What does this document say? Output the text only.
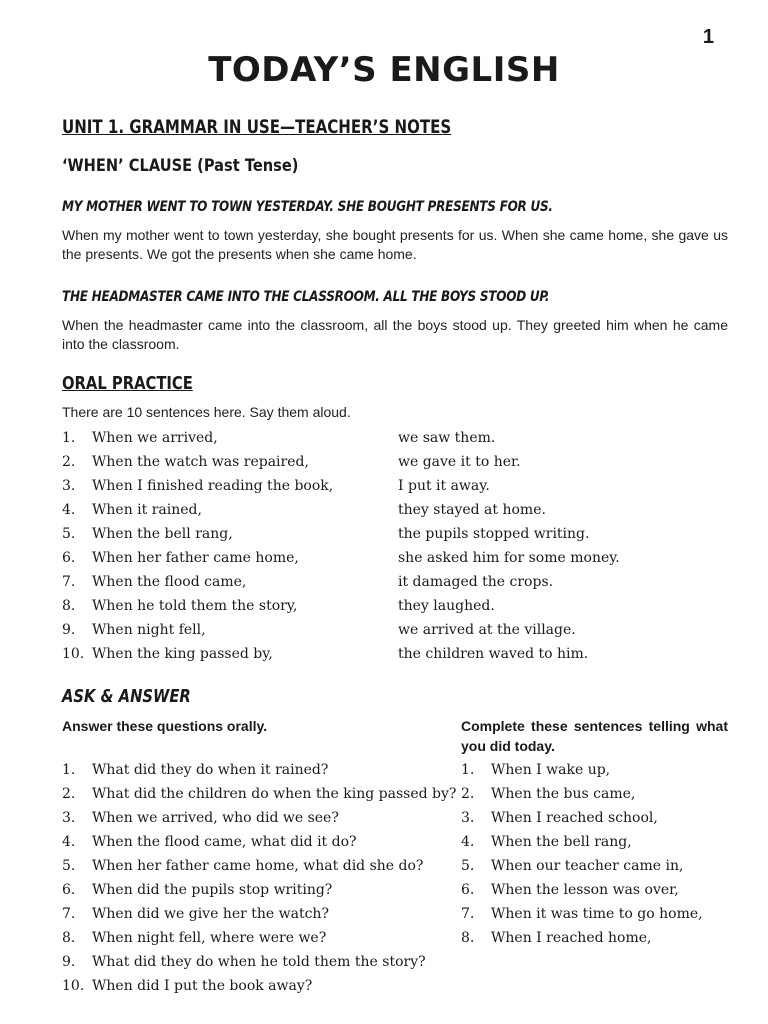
1
TODAY’S ENGLISH
UNIT 1. GRAMMAR IN USE—TEACHER’S NOTES
‘WHEN’ CLAUSE (Past Tense)
MY MOTHER WENT TO TOWN YESTERDAY. SHE BOUGHT PRESENTS FOR US.
When my mother went to town yesterday, she bought presents for us. When she came home, she gave us the presents. We got the presents when she came home.
THE HEADMASTER CAME INTO THE CLASSROOM. ALL THE BOYS STOOD UP.
When the headmaster came into the classroom, all the boys stood up. They greeted him when he came into the classroom.
ORAL PRACTICE
There are 10 sentences here. Say them aloud.
1. When we arrived,	we saw them.
2. When the watch was repaired,	we gave it to her.
3. When I finished reading the book,	I put it away.
4. When it rained,	they stayed at home.
5. When the bell rang,	the pupils stopped writing.
6. When her father came home,	she asked him for some money.
7. When the flood came,	it damaged the crops.
8. When he told them the story,	they laughed.
9. When night fell,	we arrived at the village.
10. When the king passed by,	the children waved to him.
ASK & ANSWER
Answer these questions orally.	Complete these sentences telling what you did today.
1. What did they do when it rained?
2. What did the children do when the king passed by?
3. When we arrived, who did we see?
4. When the flood came, what did it do?
5. When her father came home, what did she do?
6. When did the pupils stop writing?
7. When did we give her the watch?
8. When night fell, where were we?
9. What did they do when he told them the story?
10. When did I put the book away?
1. When I wake up,
2. When the bus came,
3. When I reached school,
4. When the bell rang,
5. When our teacher came in,
6. When the lesson was over,
7. When it was time to go home,
8. When I reached home,
